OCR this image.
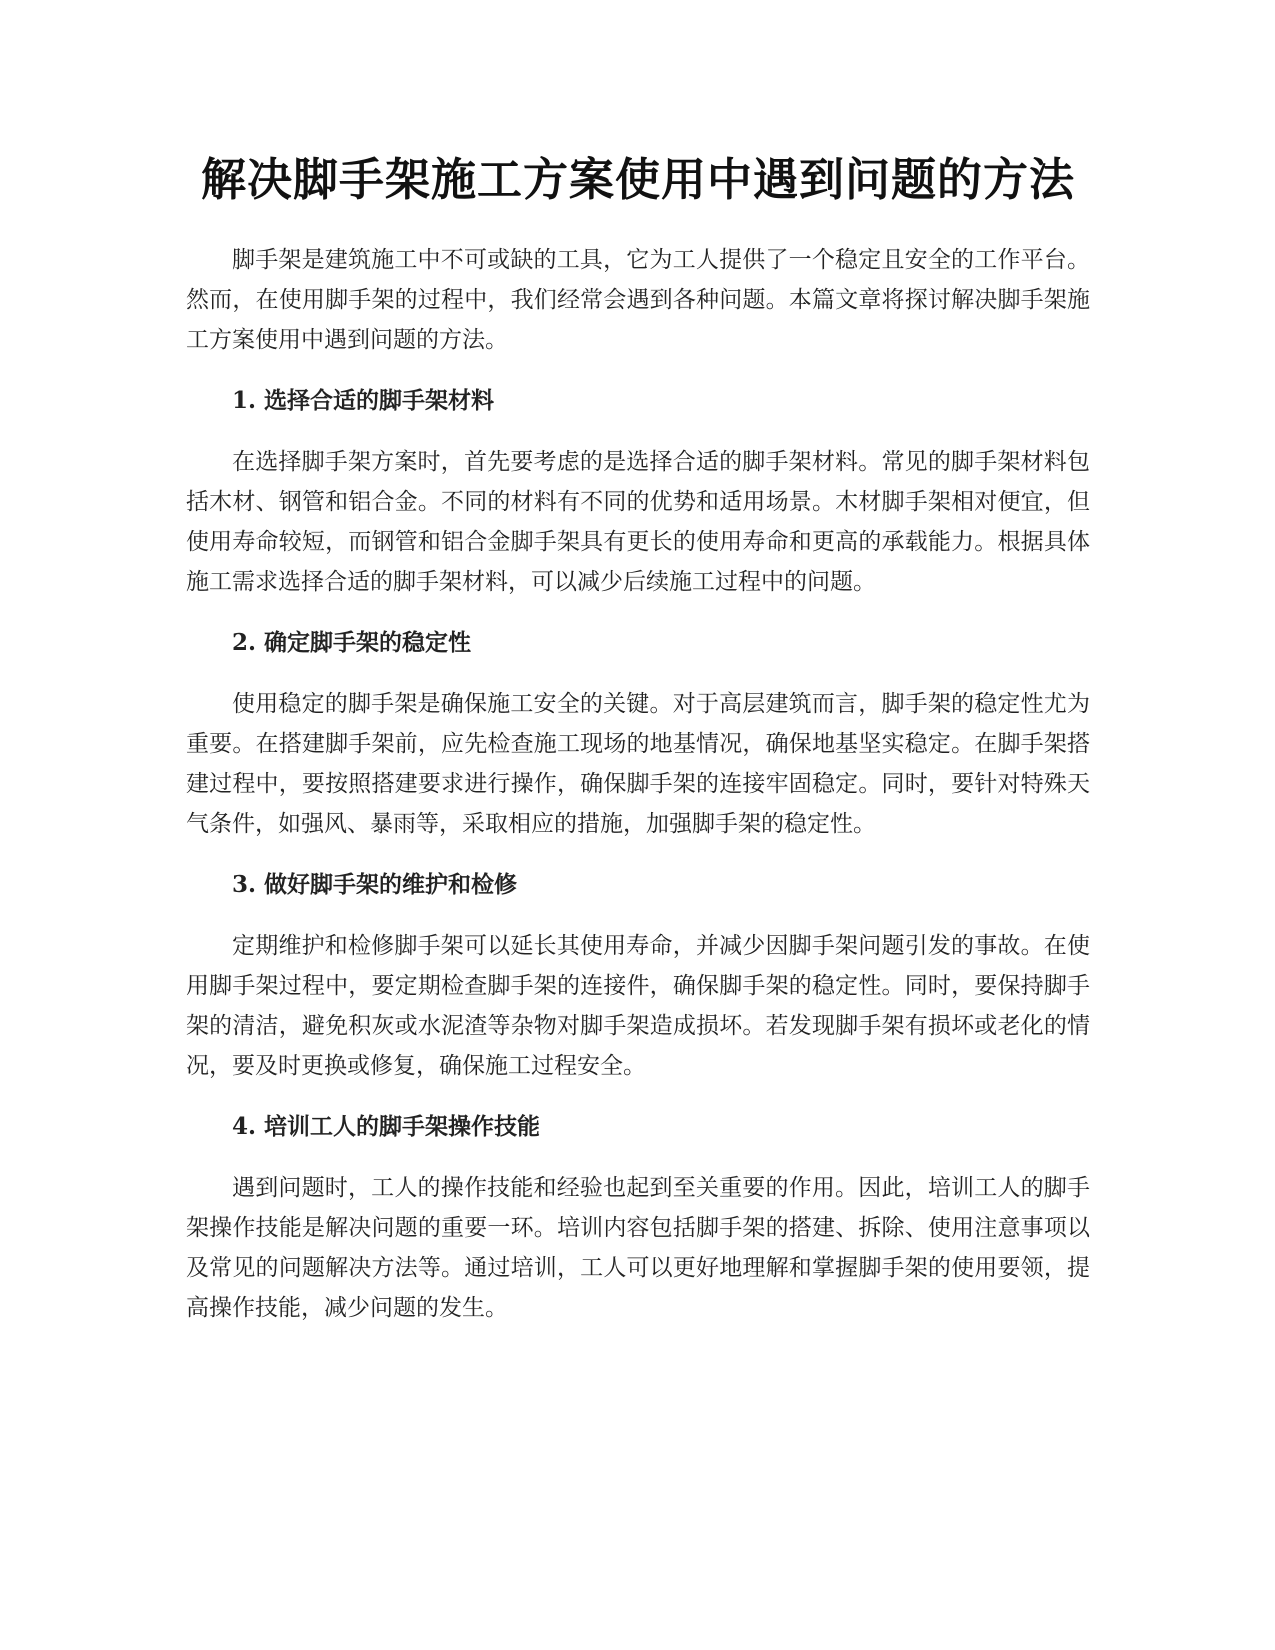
解决脚手架施工方案使用中遇到问题的方法

脚手架是建筑施工中不可或缺的工具，它为工人提供了一个稳定且安全的工作平台。然而，在使用脚手架的过程中，我们经常会遇到各种问题。本篇文章将探讨解决脚手架施工方案使用中遇到问题的方法。

1. 选择合适的脚手架材料

在选择脚手架方案时，首先要考虑的是选择合适的脚手架材料。常见的脚手架材料包括木材、钢管和铝合金。不同的材料有不同的优势和适用场景。木材脚手架相对便宜，但使用寿命较短，而钢管和铝合金脚手架具有更长的使用寿命和更高的承载能力。根据具体施工需求选择合适的脚手架材料，可以减少后续施工过程中的问题。

2. 确定脚手架的稳定性

使用稳定的脚手架是确保施工安全的关键。对于高层建筑而言，脚手架的稳定性尤为重要。在搭建脚手架前，应先检查施工现场的地基情况，确保地基坚实稳定。在脚手架搭建过程中，要按照搭建要求进行操作，确保脚手架的连接牢固稳定。同时，要针对特殊天气条件，如强风、暴雨等，采取相应的措施，加强脚手架的稳定性。

3. 做好脚手架的维护和检修

定期维护和检修脚手架可以延长其使用寿命，并减少因脚手架问题引发的事故。在使用脚手架过程中，要定期检查脚手架的连接件，确保脚手架的稳定性。同时，要保持脚手架的清洁，避免积灰或水泥渣等杂物对脚手架造成损坏。若发现脚手架有损坏或老化的情况，要及时更换或修复，确保施工过程安全。

4. 培训工人的脚手架操作技能

遇到问题时，工人的操作技能和经验也起到至关重要的作用。因此，培训工人的脚手架操作技能是解决问题的重要一环。培训内容包括脚手架的搭建、拆除、使用注意事项以及常见的问题解决方法等。通过培训，工人可以更好地理解和掌握脚手架的使用要领，提高操作技能，减少问题的发生。
